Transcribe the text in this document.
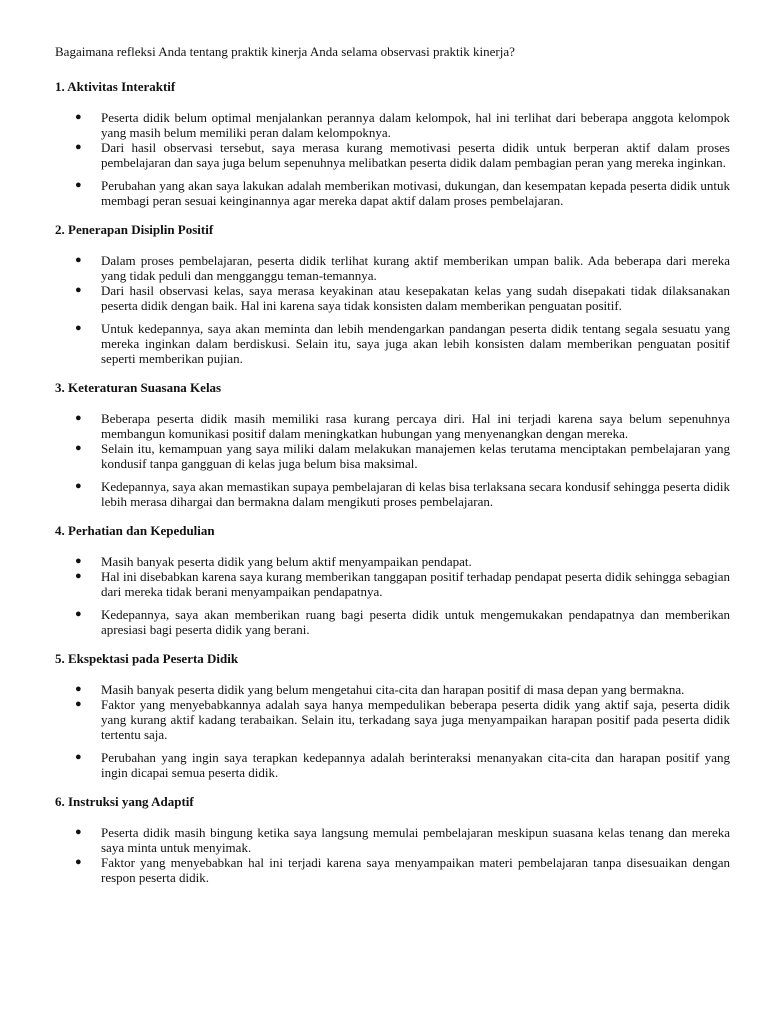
Bagaimana refleksi Anda tentang praktik kinerja Anda selama observasi praktik kinerja?

1. Aktivitas Interaktif

● Peserta didik belum optimal menjalankan perannya dalam kelompok, hal ini terlihat dari beberapa anggota kelompok yang masih belum memiliki peran dalam kelompoknya.
● Dari hasil observasi tersebut, saya merasa kurang memotivasi peserta didik untuk berperan aktif dalam proses pembelajaran dan saya juga belum sepenuhnya melibatkan peserta didik dalam pembagian peran yang mereka inginkan.
● Perubahan yang akan saya lakukan adalah memberikan motivasi, dukungan, dan kesempatan kepada peserta didik untuk membagi peran sesuai keinginannya agar mereka dapat aktif dalam proses pembelajaran.

2. Penerapan Disiplin Positif

● Dalam proses pembelajaran, peserta didik terlihat kurang aktif memberikan umpan balik. Ada beberapa dari mereka yang tidak peduli dan mengganggu teman-temannya.
● Dari hasil observasi kelas, saya merasa keyakinan atau kesepakatan kelas yang sudah disepakati tidak dilaksanakan peserta didik dengan baik. Hal ini karena saya tidak konsisten dalam memberikan penguatan positif.
● Untuk kedepannya, saya akan meminta dan lebih mendengarkan pandangan peserta didik tentang segala sesuatu yang mereka inginkan dalam berdiskusi. Selain itu, saya juga akan lebih konsisten dalam memberikan penguatan positif seperti memberikan pujian.

3. Keteraturan Suasana Kelas

● Beberapa peserta didik masih memiliki rasa kurang percaya diri. Hal ini terjadi karena saya belum sepenuhnya membangun komunikasi positif dalam meningkatkan hubungan yang menyenangkan dengan mereka.
● Selain itu, kemampuan yang saya miliki dalam melakukan manajemen kelas terutama menciptakan pembelajaran yang kondusif tanpa gangguan di kelas juga belum bisa maksimal.
● Kedepannya, saya akan memastikan supaya pembelajaran di kelas bisa terlaksana secara kondusif sehingga peserta didik lebih merasa dihargai dan bermakna dalam mengikuti proses pembelajaran.

4. Perhatian dan Kepedulian

● Masih banyak peserta didik yang belum aktif menyampaikan pendapat.
● Hal ini disebabkan karena saya kurang memberikan tanggapan positif terhadap pendapat peserta didik sehingga sebagian dari mereka tidak berani menyampaikan pendapatnya.
● Kedepannya, saya akan memberikan ruang bagi peserta didik untuk mengemukakan pendapatnya dan memberikan apresiasi bagi peserta didik yang berani.

5. Ekspektasi pada Peserta Didik

● Masih banyak peserta didik yang belum mengetahui cita-cita dan harapan positif di masa depan yang bermakna.
● Faktor yang menyebabkannya adalah saya hanya mempedulikan beberapa peserta didik yang aktif saja, peserta didik yang kurang aktif kadang terabaikan. Selain itu, terkadang saya juga menyampaikan harapan positif pada peserta didik tertentu saja.
● Perubahan yang ingin saya terapkan kedepannya adalah berinteraksi menanyakan cita-cita dan harapan positif yang ingin dicapai semua peserta didik.

6. Instruksi yang Adaptif

● Peserta didik masih bingung ketika saya langsung memulai pembelajaran meskipun suasana kelas tenang dan mereka saya minta untuk menyimak.
● Faktor yang menyebabkan hal ini terjadi karena saya menyampaikan materi pembelajaran tanpa disesuaikan dengan respon peserta didik.
